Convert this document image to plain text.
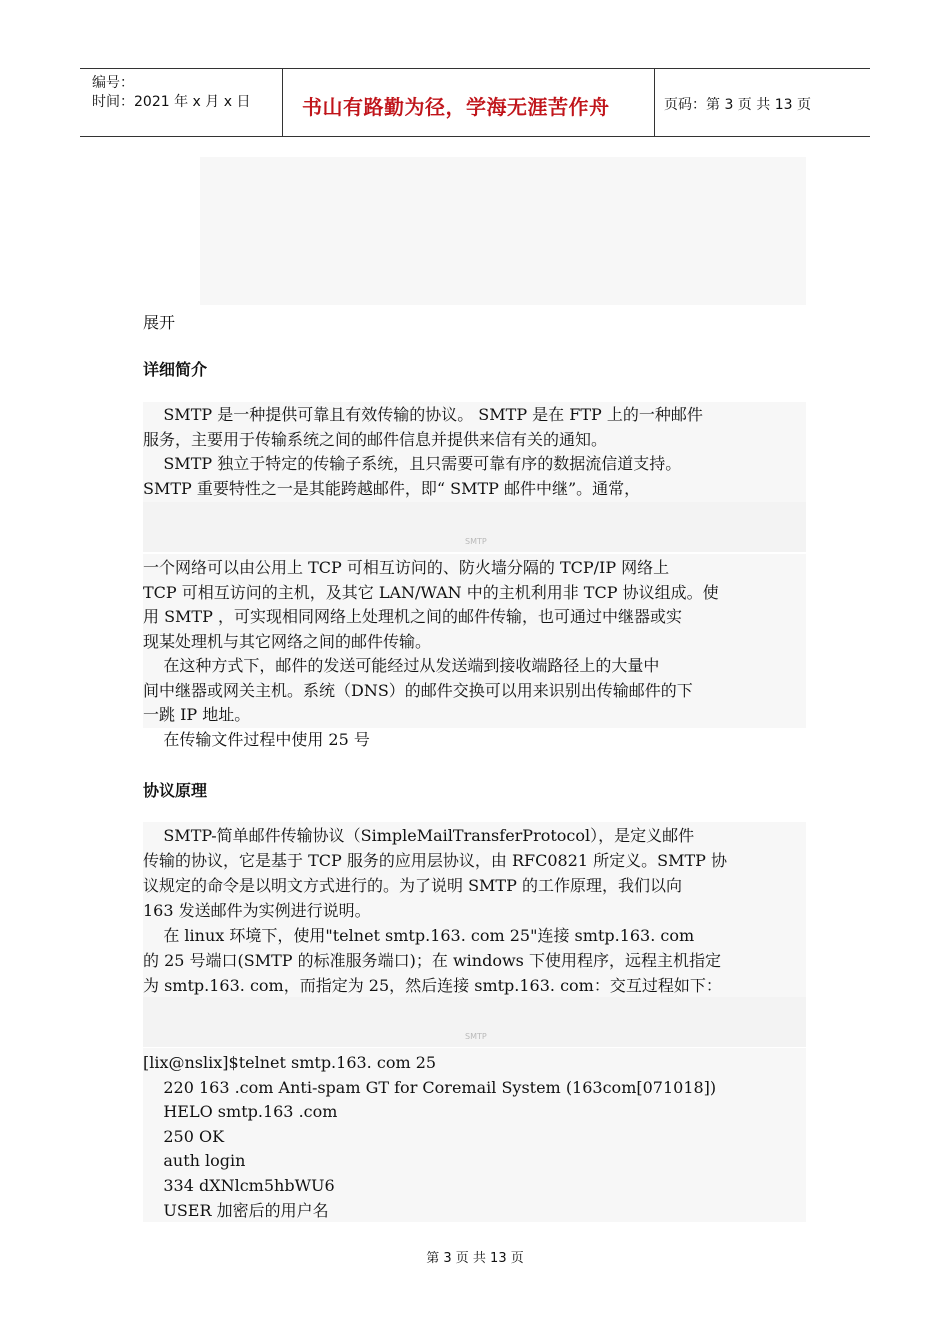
编号：
时间：2021 年 x 月 x 日	书山有路勤为径，学海无涯苦作舟	页码：第 3 页 共 13 页
展开
详细简介
SMTP 是一种提供可靠且有效传输的协议。 SMTP 是在 FTP 上的一种邮件
服务，主要用于传输系统之间的邮件信息并提供来信有关的通知。
SMTP 独立于特定的传输子系统，且只需要可靠有序的数据流信道支持。
SMTP 重要特性之一是其能跨越邮件，即“ SMTP 邮件中继”。通常，
SMTP
一个网络可以由公用上 TCP 可相互访问的、防火墙分隔的 TCP/IP 网络上
TCP 可相互访问的主机，及其它 LAN/WAN 中的主机利用非 TCP 协议组成。使
用 SMTP ，可实现相同网络上处理机之间的邮件传输，也可通过中继器或实
现某处理机与其它网络之间的邮件传输。
在这种方式下，邮件的发送可能经过从发送端到接收端路径上的大量中
间中继器或网关主机。系统（DNS）的邮件交换可以用来识别出传输邮件的下
一跳 IP 地址。
在传输文件过程中使用 25 号
协议原理
SMTP-简单邮件传输协议（SimpleMailTransferProtocol），是定义邮件
传输的协议，它是基于 TCP 服务的应用层协议，由 RFC0821 所定义。SMTP 协
议规定的命令是以明文方式进行的。为了说明 SMTP 的工作原理，我们以向
163 发送邮件为实例进行说明。
在 linux 环境下，使用"telnet smtp.163. com 25"连接 smtp.163. com
的 25 号端口(SMTP 的标准服务端口)；在 windows 下使用程序，远程主机指定
为 smtp.163. com，而指定为 25，然后连接 smtp.163. com：交互过程如下：
SMTP
[lix@nslix]$telnet smtp.163. com 25
220 163 .com Anti-spam GT for Coremail System (163com[071018])
HELO smtp.163 .com
250 OK
auth login
334 dXNlcm5hbWU6
USER 加密后的用户名
第 3 页 共 13 页
